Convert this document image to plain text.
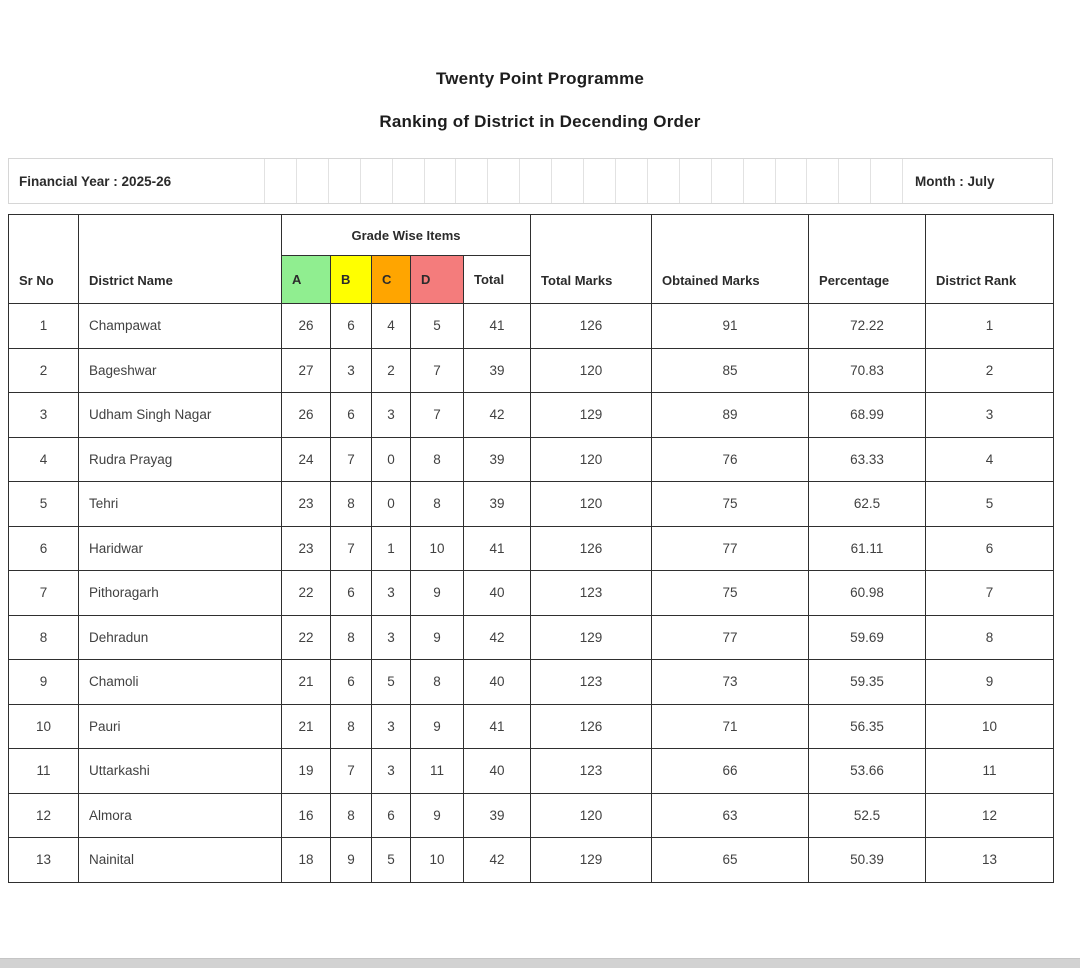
Twenty Point Programme
Ranking of District in Decending Order
Financial Year : 2025-26	Month : July
Sr No	District Name	Grade Wise Items					Total Marks	Obtained Marks	Percentage	District Rank
		A	B	C	D	Total				
1	Champawat	26	6	4	5	41	126	91	72.22	1
2	Bageshwar	27	3	2	7	39	120	85	70.83	2
3	Udham Singh Nagar	26	6	3	7	42	129	89	68.99	3
4	Rudra Prayag	24	7	0	8	39	120	76	63.33	4
5	Tehri	23	8	0	8	39	120	75	62.5	5
6	Haridwar	23	7	1	10	41	126	77	61.11	6
7	Pithoragarh	22	6	3	9	40	123	75	60.98	7
8	Dehradun	22	8	3	9	42	129	77	59.69	8
9	Chamoli	21	6	5	8	40	123	73	59.35	9
10	Pauri	21	8	3	9	41	126	71	56.35	10
11	Uttarkashi	19	7	3	11	40	123	66	53.66	11
12	Almora	16	8	6	9	39	120	63	52.5	12
13	Nainital	18	9	5	10	42	129	65	50.39	13
